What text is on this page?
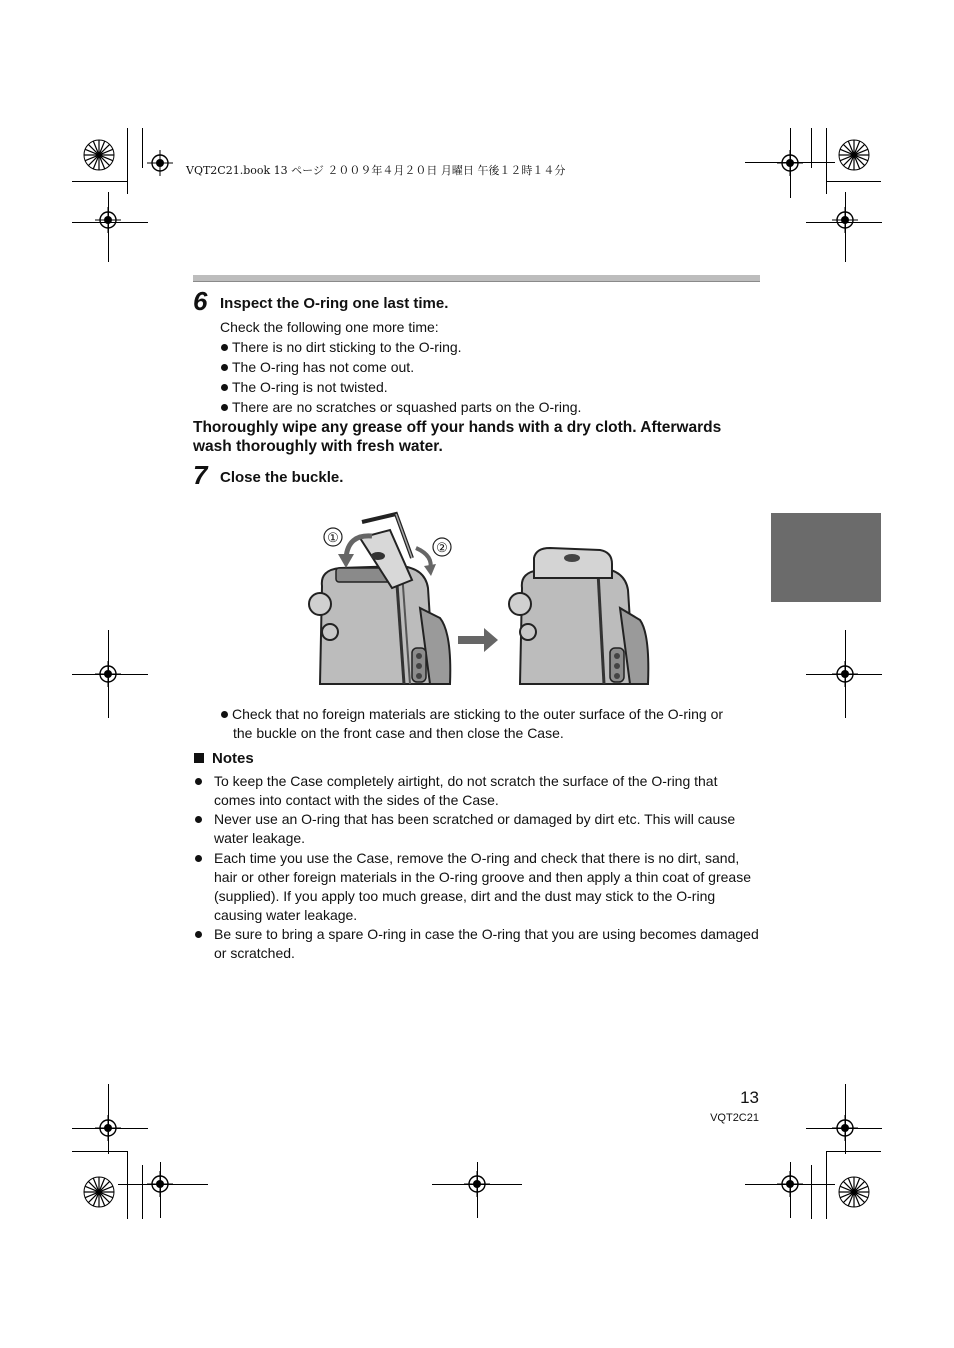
VQT2C21.book 13 ページ ２００９年４月２０日 月曜日 午後１２時１４分
6 Inspect the O-ring one last time.
Check the following one more time:
There is no dirt sticking to the O-ring.
The O-ring has not come out.
The O-ring is not twisted.
There are no scratches or squashed parts on the O-ring.
Thoroughly wipe any grease off your hands with a dry cloth. Afterwards wash thoroughly with fresh water.
7 Close the buckle.
①
②
Check that no foreign materials are sticking to the outer surface of the O-ring or
the buckle on the front case and then close the Case.
Notes
To keep the Case completely airtight, do not scratch the surface of the O-ring that comes into contact with the sides of the Case.
Never use an O-ring that has been scratched or damaged by dirt etc. This will cause water leakage.
Each time you use the Case, remove the O-ring and check that there is no dirt, sand, hair or other foreign materials in the O-ring groove and then apply a thin coat of grease (supplied). If you apply too much grease, dirt and the dust may stick to the O-ring causing water leakage.
Be sure to bring a spare O-ring in case the O-ring that you are using becomes damaged or scratched.
13
VQT2C21
